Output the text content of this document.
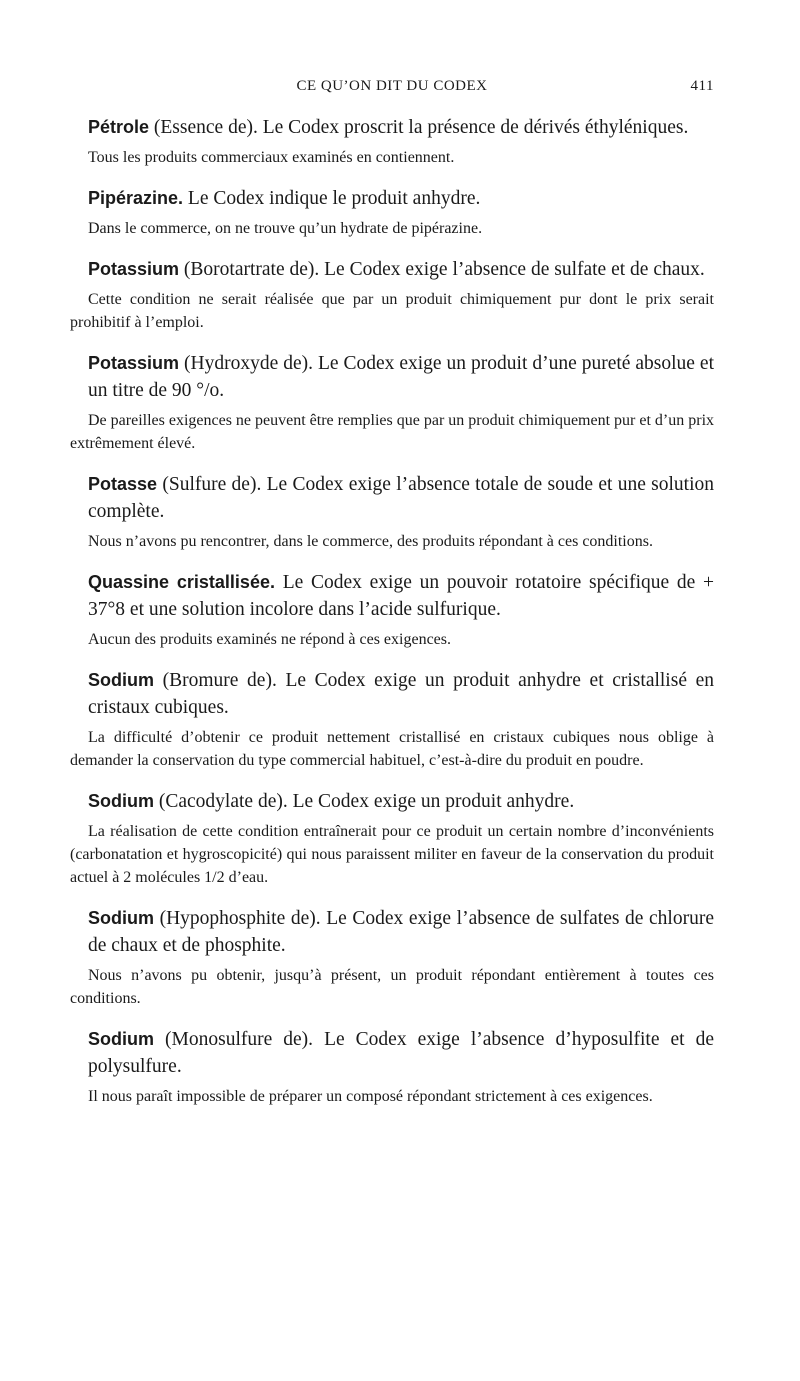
CE QU’ON DIT DU CODEX	411

Pétrole (Essence de). Le Codex proscrit la présence de dérivés éthyléniques.

Tous les produits commerciaux examinés en contiennent.

Pipérazine. Le Codex indique le produit anhydre.

Dans le commerce, on ne trouve qu’un hydrate de pipérazine.

Potassium (Borotartrate de). Le Codex exige l’absence de sulfate et de chaux.

Cette condition ne serait réalisée que par un produit chimiquement pur dont le prix serait prohibitif à l’emploi.

Potassium (Hydroxyde de). Le Codex exige un produit d’une pureté absolue et un titre de 90 °/o.

De pareilles exigences ne peuvent être remplies que par un produit chimiquement pur et d’un prix extrêmement élevé.

Potasse (Sulfure de). Le Codex exige l’absence totale de soude et une solution complète.

Nous n’avons pu rencontrer, dans le commerce, des produits répondant à ces conditions.

Quassine cristallisée. Le Codex exige un pouvoir rotatoire spécifique de + 37°8 et une solution incolore dans l’acide sulfurique.

Aucun des produits examinés ne répond à ces exigences.

Sodium (Bromure de). Le Codex exige un produit anhydre et cristallisé en cristaux cubiques.

La difficulté d’obtenir ce produit nettement cristallisé en cristaux cubiques nous oblige à demander la conservation du type commercial habituel, c’est-à-dire du produit en poudre.

Sodium (Cacodylate de). Le Codex exige un produit anhydre.

La réalisation de cette condition entraînerait pour ce produit un certain nombre d’inconvénients (carbonatation et hygroscopicité) qui nous paraissent militer en faveur de la conservation du produit actuel à 2 molécules 1/2 d’eau.

Sodium (Hypophosphite de). Le Codex exige l’absence de sulfates de chlorure de chaux et de phosphite.

Nous n’avons pu obtenir, jusqu’à présent, un produit répondant entièrement à toutes ces conditions.

Sodium (Monosulfure de). Le Codex exige l’absence d’hyposulfite et de polysulfure.

Il nous paraît impossible de préparer un composé répondant strictement à ces exigences.
